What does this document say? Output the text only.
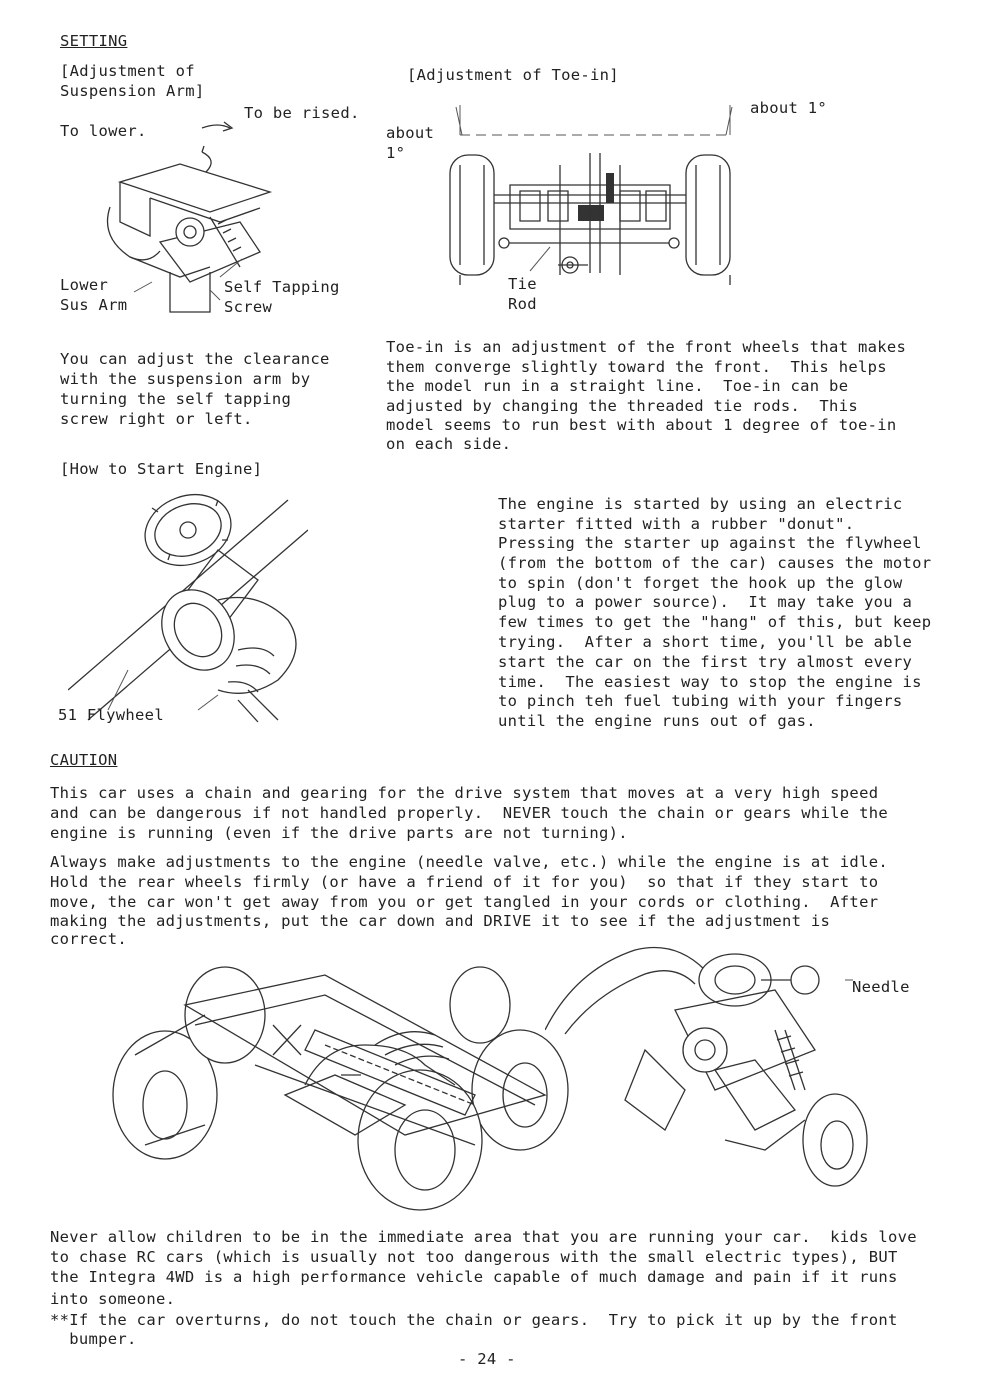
SETTING
[Adjustment of
Suspension Arm]
To be rised.
To lower.
Lower
Sus Arm
Self Tapping
Screw
You can adjust the clearance
with the suspension arm by
turning the self tapping
screw right or left.
[Adjustment of Toe-in]
about 1°
about
1°
Tie
Rod
Toe-in is an adjustment of the front wheels that makes
them converge slightly toward the front.  This helps
the model run in a straight line.  Toe-in can be
adjusted by changing the threaded tie rods.  This
model seems to run best with about 1 degree of toe-in
on each side.
[How to Start Engine]
51 Flywheel
The engine is started by using an electric
starter fitted with a rubber "donut".
Pressing the starter up against the flywheel
(from the bottom of the car) causes the motor
to spin (don't forget the hook up the glow
plug to a power source).  It may take you a
few times to get the "hang" of this, but keep
trying.  After a short time, you'll be able
start the car on the first try almost every
time.  The easiest way to stop the engine is
to pinch teh fuel tubing with your fingers
until the engine runs out of gas.
CAUTION
This car uses a chain and gearing for the drive system that moves at a very high speed
and can be dangerous if not handled properly.  NEVER touch the chain or gears while the
engine is running (even if the drive parts are not turning).
Always make adjustments to the engine (needle valve, etc.) while the engine is at idle.
Hold the rear wheels firmly (or have a friend of it for you)  so that if they start to
move, the car won't get away from you or get tangled in your cords or clothing.  After
making the adjustments, put the car down and DRIVE it to see if the adjustment is
correct.
Needle
Never allow children to be in the immediate area that you are running your car.  kids love
to chase RC cars (which is usually not too dangerous with the small electric types), BUT
the Integra 4WD is a high performance vehicle capable of much damage and pain if it runs
into someone.
**If the car overturns, do not touch the chain or gears.  Try to pick it up by the front
bumper.
- 24 -
